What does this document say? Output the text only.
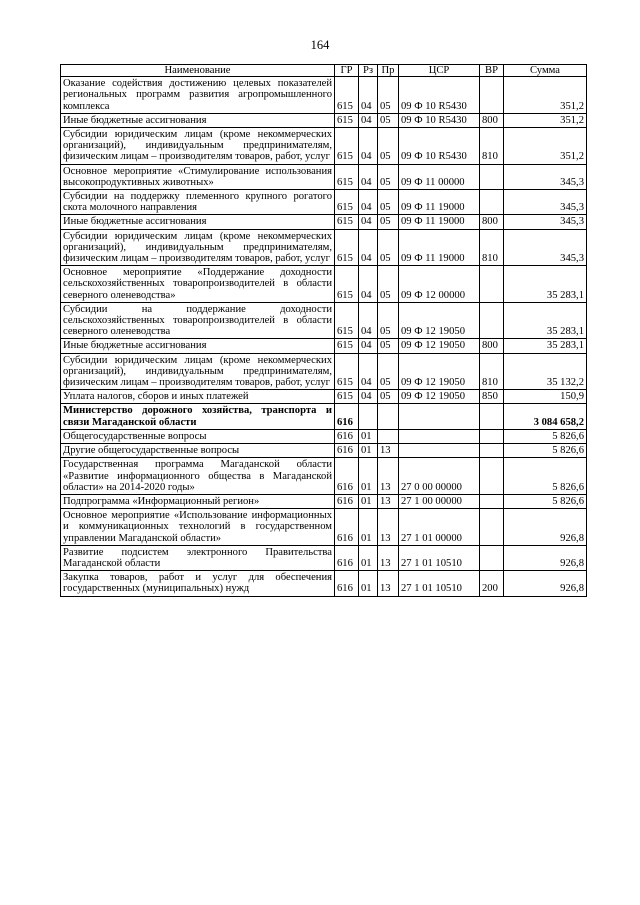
164
Наименование	ГР	Рз	Пр	ЦСР	ВР	Сумма
Оказание содействия достижению целевых показателей региональных программ развития агропромышленного комплекса	615	04	05	09 Ф 10 R5430		351,2
Иные бюджетные ассигнования	615	04	05	09 Ф 10 R5430	800	351,2
Субсидии юридическим лицам (кроме некоммерческих организаций), индивидуальным предпринимателям, физическим лицам – производителям товаров, работ, услуг	615	04	05	09 Ф 10 R5430	810	351,2
Основное мероприятие «Стимулирование использования высокопродуктивных животных»	615	04	05	09 Ф 11 00000		345,3
Субсидии на поддержку племенного крупного рогатого скота молочного направления	615	04	05	09 Ф 11 19000		345,3
Иные бюджетные ассигнования	615	04	05	09 Ф 11 19000	800	345,3
Субсидии юридическим лицам (кроме некоммерческих организаций), индивидуальным предпринимателям, физическим лицам – производителям товаров, работ, услуг	615	04	05	09 Ф 11 19000	810	345,3
Основное мероприятие «Поддержание доходности сельскохозяйственных товаропроизводителей в области северного оленеводства»	615	04	05	09 Ф 12 00000		35 283,1
Субсидии на поддержание доходности сельскохозяйственных товаропроизводителей в области северного оленеводства	615	04	05	09 Ф 12 19050		35 283,1
Иные бюджетные ассигнования	615	04	05	09 Ф 12 19050	800	35 283,1
Субсидии юридическим лицам (кроме некоммерческих организаций), индивидуальным предпринимателям, физическим лицам – производителям товаров, работ, услуг	615	04	05	09 Ф 12 19050	810	35 132,2
Уплата налогов, сборов и иных платежей	615	04	05	09 Ф 12 19050	850	150,9
Министерство дорожного хозяйства, транспорта и связи Магаданской области	616					3 084 658,2
Общегосударственные вопросы	616	01				5 826,6
Другие общегосударственные вопросы	616	01	13			5 826,6
Государственная программа Магаданской области «Развитие информационного общества в Магаданской области» на 2014-2020 годы»	616	01	13	27 0 00 00000		5 826,6
Подпрограмма «Информационный регион»	616	01	13	27 1 00 00000		5 826,6
Основное мероприятие «Использование информационных и коммуникационных технологий в государственном управлении Магаданской области»	616	01	13	27 1 01 00000		926,8
Развитие подсистем электронного Правительства Магаданской области	616	01	13	27 1 01 10510		926,8
Закупка товаров, работ и услуг для обеспечения государственных (муниципальных) нужд	616	01	13	27 1 01 10510	200	926,8
